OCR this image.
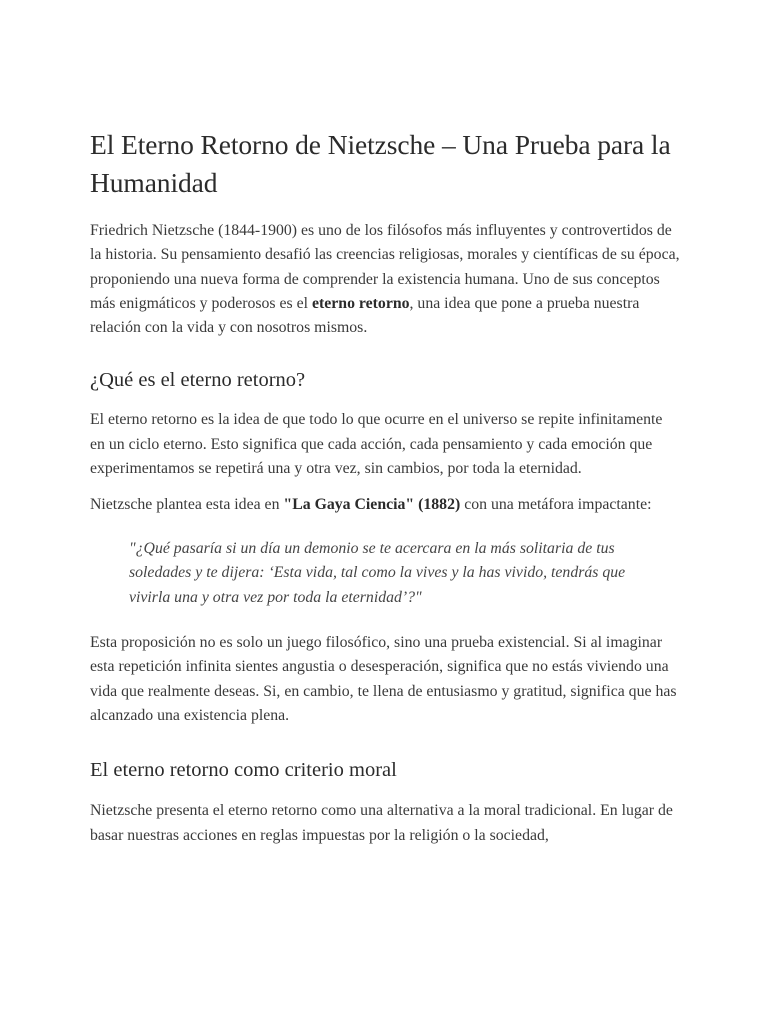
El Eterno Retorno de Nietzsche – Una Prueba para la Humanidad

Friedrich Nietzsche (1844-1900) es uno de los filósofos más influyentes y controvertidos de la historia. Su pensamiento desafió las creencias religiosas, morales y científicas de su época, proponiendo una nueva forma de comprender la existencia humana. Uno de sus conceptos más enigmáticos y poderosos es el eterno retorno, una idea que pone a prueba nuestra relación con la vida y con nosotros mismos.

¿Qué es el eterno retorno?

El eterno retorno es la idea de que todo lo que ocurre en el universo se repite infinitamente en un ciclo eterno. Esto significa que cada acción, cada pensamiento y cada emoción que experimentamos se repetirá una y otra vez, sin cambios, por toda la eternidad.

Nietzsche plantea esta idea en "La Gaya Ciencia" (1882) con una metáfora impactante:

"¿Qué pasaría si un día un demonio se te acercara en la más solitaria de tus soledades y te dijera: ‘Esta vida, tal como la vives y la has vivido, tendrás que vivirla una y otra vez por toda la eternidad’?"

Esta proposición no es solo un juego filosófico, sino una prueba existencial. Si al imaginar esta repetición infinita sientes angustia o desesperación, significa que no estás viviendo una vida que realmente deseas. Si, en cambio, te llena de entusiasmo y gratitud, significa que has alcanzado una existencia plena.

El eterno retorno como criterio moral

Nietzsche presenta el eterno retorno como una alternativa a la moral tradicional. En lugar de basar nuestras acciones en reglas impuestas por la religión o la sociedad,
